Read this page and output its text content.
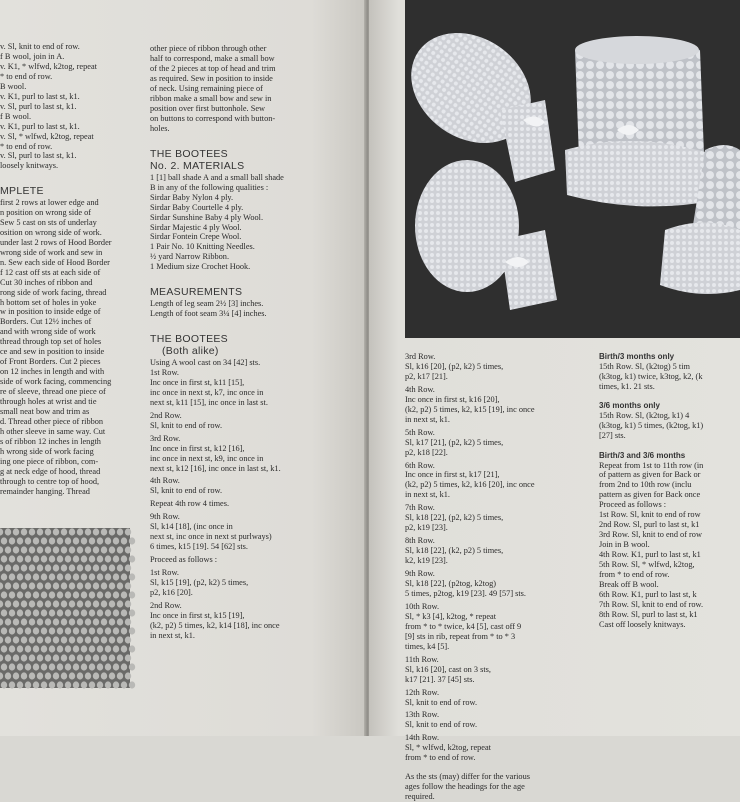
v. Sl, knit to end of row.

f B wool, join in A.

v. K1, * wlfwd, k2tog, repeat

* to end of row.

B wool.

v. K1, purl to last st, k1.

v. Sl, purl to last st, k1.

f B wool.

v. K1, purl to last st, k1.

v. Sl, * wlfwd, k2tog, repeat

* to end of row.

v. Sl, purl to last st, k1.

loosely knitways.

MPLETE

first 2 rows at lower edge and

n position on wrong side of

Sew 5 cast on sts of underlay

osition on wrong side of work.

under last 2 rows of Hood Border

wrong side of work and sew in

n. Sew each side of Hood Border

f 12 cast off sts at each side of

Cut 30 inches of ribbon and

rong side of work facing, thread

h bottom set of holes in yoke

w in position to inside edge of

Borders. Cut 12½ inches of

and with wrong side of work

thread through top set of holes

ce and sew in position to inside

of Front Borders. Cut 2 pieces

on 12 inches in length and with

side of work facing, commencing

re of sleeve, thread one piece of

through holes at wrist and tie

small neat bow and trim as

d. Thread other piece of ribbon

h other sleeve in same way. Cut

s of ribbon 12 inches in length

h wrong side of work facing

ing one piece of ribbon, com-

g at neck edge of hood, thread

through to centre top of hood,

remainder hanging. Thread

other piece of ribbon through other

half to correspond, make a small bow

of the 2 pieces at top of head and trim

as required. Sew in position to inside

of neck. Using remaining piece of

ribbon make a small bow and sew in

position over first buttonhole. Sew

on buttons to correspond with button-

holes.

THE BOOTEES

No. 2. MATERIALS

1 [1] ball shade A and a small ball shade

B in any of the following qualities :

Sirdar Baby Nylon 4 ply.

Sirdar Baby Courtelle 4 ply.

Sirdar Sunshine Baby 4 ply Wool.

Sirdar Majestic 4 ply Wool.

Sirdar Fontein Crepe Wool.

1 Pair No. 10 Knitting Needles.

½ yard Narrow Ribbon.

1 Medium size Crochet Hook.

MEASUREMENTS

Length of leg seam 2½ [3] inches.

Length of foot seam 3¼ [4] inches.

THE BOOTEES

(Both alike)

Using A wool cast on 34 [42] sts.

1st Row.

Inc once in first st, k11 [15],

inc once in next st, k7, inc once in

next st, k11 [15], inc once in last st.

2nd Row.

Sl, knit to end of row.

3rd Row.

Inc once in first st, k12 [16],

inc once in next st, k9, inc once in

next st, k12 [16], inc once in last st, k1.

4th Row.

Sl, knit to end of row.

Repeat 4th row 4 times.

9th Row.

Sl, k14 [18], (inc once in

next st, inc once in next st purlways)

6 times, k15 [19]. 54 [62] sts.

Proceed as follows :

1st Row.

Sl, k15 [19], (p2, k2) 5 times,

p2, k16 [20].

2nd Row.

Inc once in first st, k15 [19],

(k2, p2) 5 times, k2, k14 [18], inc once

in next st, k1.

3rd Row.

Sl, k16 [20], (p2, k2) 5 times,

p2, k17 [21].

4th Row.

Inc once in first st, k16 [20],

(k2, p2) 5 times, k2, k15 [19], inc once

in next st, k1.

5th Row.

Sl, k17 [21], (p2, k2) 5 times,

p2, k18 [22].

6th Row.

Inc once in first st, k17 [21],

(k2, p2) 5 times, k2, k16 [20], inc once

in next st, k1.

7th Row.

Sl, k18 [22], (p2, k2) 5 times,

p2, k19 [23].

8th Row.

Sl, k18 [22], (k2, p2) 5 times,

k2, k19 [23].

9th Row.

Sl, k18 [22], (p2tog, k2tog)

5 times, p2tog, k19 [23]. 49 [57] sts.

10th Row.

Sl, * k3 [4], k2tog, * repeat

from * to * twice, k4 [5], cast off 9

[9] sts in rib, repeat from * to * 3

times, k4 [5].

11th Row.

Sl, k16 [20], cast on 3 sts,

k17 [21]. 37 [45] sts.

12th Row.

Sl, knit to end of row.

13th Row.

Sl, knit to end of row.

14th Row.

Sl, * wlfwd, k2tog, repeat

from * to end of row.

As the sts (may) differ for the various

ages follow the headings for the age

required.

Birth/3 months only

15th Row. Sl, (k2tog) 5 tim

(k3tog, k1) twice, k3tog, k2, (k

times, k1. 21 sts.

3/6 months only

15th Row. Sl, (k2tog, k1) 4

(k3tog, k1) 5 times, (k2tog, k1)

[27] sts.

Birth/3 and 3/6 months

Repeat from 1st to 11th row (in

of pattern as given for Back or

from 2nd to 10th row (inclu

pattern as given for Back once

Proceed as follows :

1st Row. Sl, knit to end of row

2nd Row. Sl, purl to last st, k1

3rd Row. Sl, knit to end of row

Join in B wool.

4th Row. K1, purl to last st, k1

5th Row. Sl, * wlfwd, k2tog,

from * to end of row.

Break off B wool.

6th Row. K1, purl to last st, k

7th Row. Sl, knit to end of row.

8th Row. Sl, purl to last st, k1

Cast off loosely knitways.
